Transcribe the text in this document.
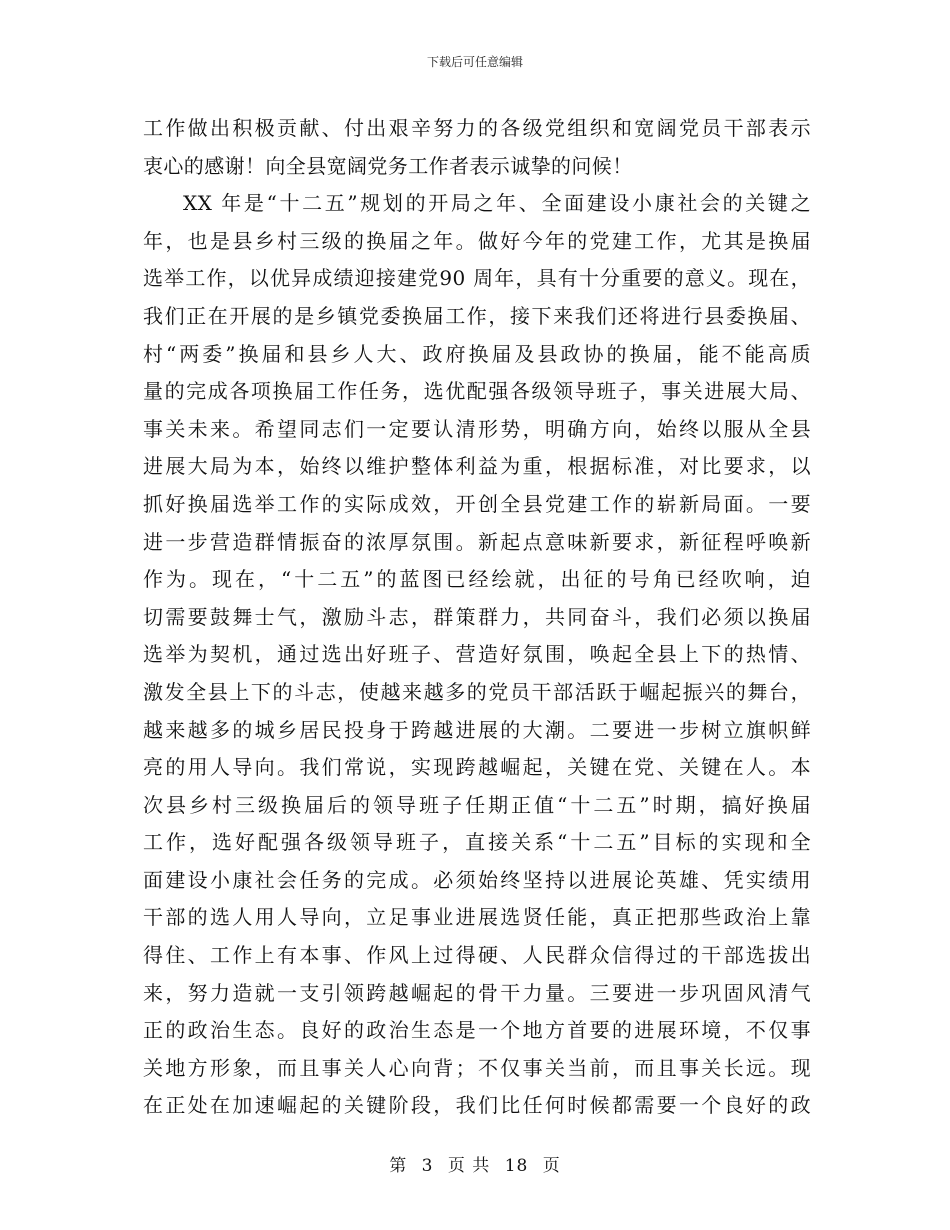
下载后可任意编辑
工作做出积极贡献、付出艰辛努力的各级党组织和宽阔党员干部表示
衷心的感谢！向全县宽阔党务工作者表示诚挚的问候！
XX 年是“十二五”规划的开局之年、全面建设小康社会的关键之
年，也是县乡村三级的换届之年。做好今年的党建工作，尤其是换届
选举工作，以优异成绩迎接建党90 周年，具有十分重要的意义。现在，
我们正在开展的是乡镇党委换届工作，接下来我们还将进行县委换届、
村“两委”换届和县乡人大、政府换届及县政协的换届，能不能高质
量的完成各项换届工作任务，选优配强各级领导班子，事关进展大局、
事关未来。希望同志们一定要认清形势，明确方向，始终以服从全县
进展大局为本，始终以维护整体利益为重，根据标准，对比要求，以
抓好换届选举工作的实际成效，开创全县党建工作的崭新局面。一要
进一步营造群情振奋的浓厚氛围。新起点意味新要求，新征程呼唤新
作为。现在，“十二五”的蓝图已经绘就，出征的号角已经吹响，迫
切需要鼓舞士气，激励斗志，群策群力，共同奋斗，我们必须以换届
选举为契机，通过选出好班子、营造好氛围，唤起全县上下的热情、
激发全县上下的斗志，使越来越多的党员干部活跃于崛起振兴的舞台，
越来越多的城乡居民投身于跨越进展的大潮。二要进一步树立旗帜鲜
亮的用人导向。我们常说，实现跨越崛起，关键在党、关键在人。本
次县乡村三级换届后的领导班子任期正值“十二五”时期，搞好换届
工作，选好配强各级领导班子，直接关系“十二五”目标的实现和全
面建设小康社会任务的完成。必须始终坚持以进展论英雄、凭实绩用
干部的选人用人导向，立足事业进展选贤任能，真正把那些政治上靠
得住、工作上有本事、作风上过得硬、人民群众信得过的干部选拔出
来，努力造就一支引领跨越崛起的骨干力量。三要进一步巩固风清气
正的政治生态。良好的政治生态是一个地方首要的进展环境，不仅事
关地方形象，而且事关人心向背；不仅事关当前，而且事关长远。现
在正处在加速崛起的关键阶段，我们比任何时候都需要一个良好的政
第 3 页 共 18 页
